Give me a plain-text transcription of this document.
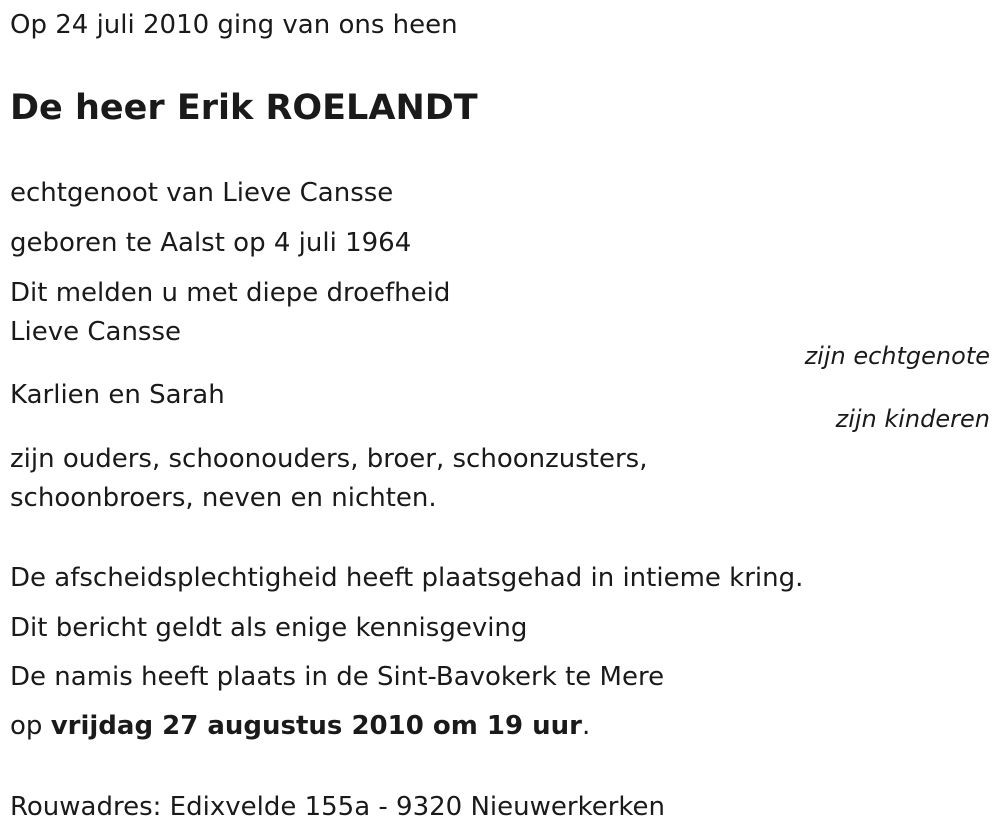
Op 24 juli 2010 ging van ons heen
De heer Erik ROELANDT
echtgenoot van Lieve Cansse
geboren te Aalst op 4 juli 1964
Dit melden u met diepe droefheid
Lieve Cansse
zijn echtgenote
Karlien en Sarah
zijn kinderen
zijn ouders, schoonouders, broer, schoonzusters,
schoonbroers, neven en nichten.
De afscheidsplechtigheid heeft plaatsgehad in intieme kring.
Dit bericht geldt als enige kennisgeving
De namis heeft plaats in de Sint-Bavokerk te Mere
op vrijdag 27 augustus 2010 om 19 uur.
Rouwadres: Edixvelde 155a - 9320 Nieuwerkerken
